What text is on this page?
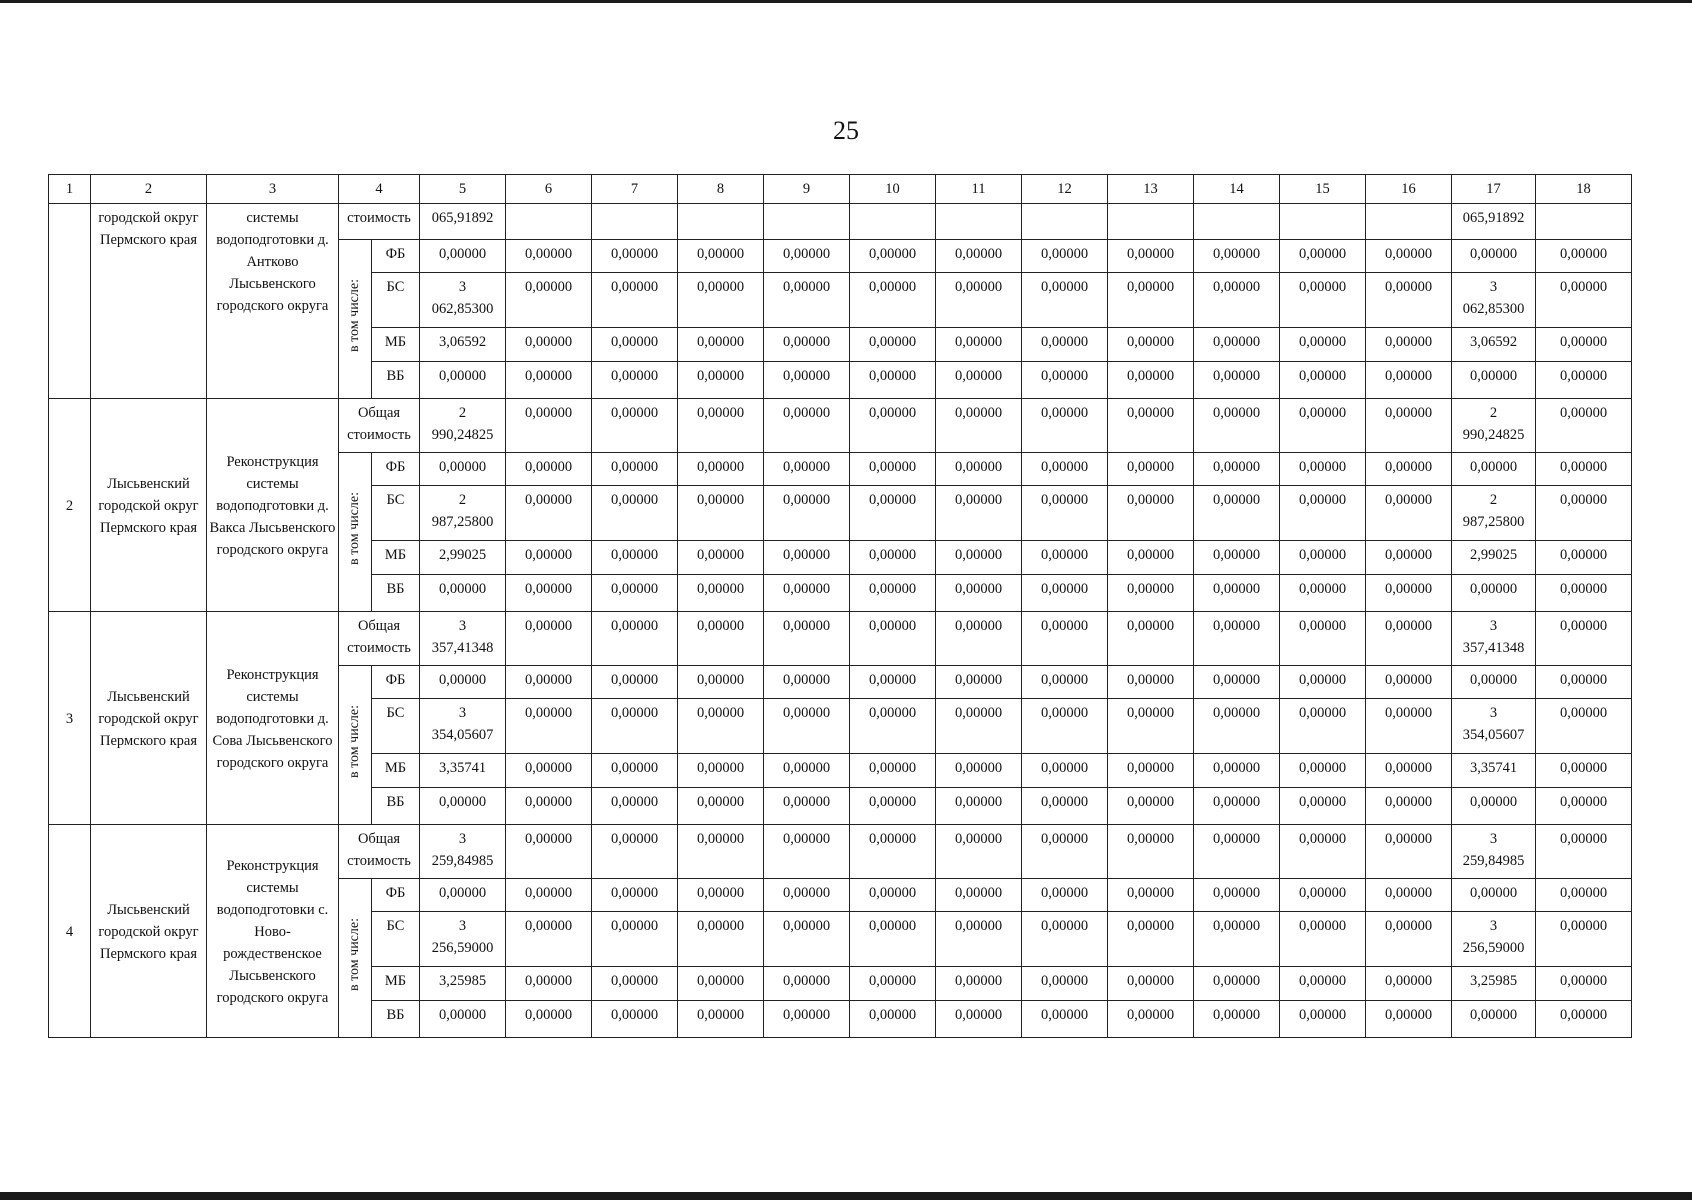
25
1	2	3	4		5	6	7	8	9	10	11	12	13	14	15	16	17	18
	городской округ Пермского края	системы водоподготовки д. Антково Лысьвенского городского округа	стоимость		065,91892												065,91892	
			в том числе:	ФБ	0,00000	0,00000	0,00000	0,00000	0,00000	0,00000	0,00000	0,00000	0,00000	0,00000	0,00000	0,00000	0,00000	0,00000
				БС	3
062,85300	0,00000	0,00000	0,00000	0,00000	0,00000	0,00000	0,00000	0,00000	0,00000	0,00000	0,00000	3
062,85300	0,00000
				МБ	3,06592	0,00000	0,00000	0,00000	0,00000	0,00000	0,00000	0,00000	0,00000	0,00000	0,00000	0,00000	3,06592	0,00000
				ВБ	0,00000	0,00000	0,00000	0,00000	0,00000	0,00000	0,00000	0,00000	0,00000	0,00000	0,00000	0,00000	0,00000	0,00000
2	Лысьвенский городской округ Пермского края	Реконструкция системы водоподготовки д. Вакса Лысьвенского городского округа	Общая
стоимость		2
990,24825	0,00000	0,00000	0,00000	0,00000	0,00000	0,00000	0,00000	0,00000	0,00000	0,00000	0,00000	2
990,24825	0,00000
			в том числе:	ФБ	0,00000	0,00000	0,00000	0,00000	0,00000	0,00000	0,00000	0,00000	0,00000	0,00000	0,00000	0,00000	0,00000	0,00000
				БС	2
987,25800	0,00000	0,00000	0,00000	0,00000	0,00000	0,00000	0,00000	0,00000	0,00000	0,00000	0,00000	2
987,25800	0,00000
				МБ	2,99025	0,00000	0,00000	0,00000	0,00000	0,00000	0,00000	0,00000	0,00000	0,00000	0,00000	0,00000	2,99025	0,00000
				ВБ	0,00000	0,00000	0,00000	0,00000	0,00000	0,00000	0,00000	0,00000	0,00000	0,00000	0,00000	0,00000	0,00000	0,00000
3	Лысьвенский городской округ Пермского края	Реконструкция системы водоподготовки д. Сова Лысьвенского городского округа	Общая
стоимость		3
357,41348	0,00000	0,00000	0,00000	0,00000	0,00000	0,00000	0,00000	0,00000	0,00000	0,00000	0,00000	3
357,41348	0,00000
			в том числе:	ФБ	0,00000	0,00000	0,00000	0,00000	0,00000	0,00000	0,00000	0,00000	0,00000	0,00000	0,00000	0,00000	0,00000	0,00000
				БС	3
354,05607	0,00000	0,00000	0,00000	0,00000	0,00000	0,00000	0,00000	0,00000	0,00000	0,00000	0,00000	3
354,05607	0,00000
				МБ	3,35741	0,00000	0,00000	0,00000	0,00000	0,00000	0,00000	0,00000	0,00000	0,00000	0,00000	0,00000	3,35741	0,00000
				ВБ	0,00000	0,00000	0,00000	0,00000	0,00000	0,00000	0,00000	0,00000	0,00000	0,00000	0,00000	0,00000	0,00000	0,00000
4	Лысьвенский городской округ Пермского края	Реконструкция системы водоподготовки с. Ново-рождественское Лысьвенского городского округа	Общая
стоимость		3
259,84985	0,00000	0,00000	0,00000	0,00000	0,00000	0,00000	0,00000	0,00000	0,00000	0,00000	0,00000	3
259,84985	0,00000
			в том числе:	ФБ	0,00000	0,00000	0,00000	0,00000	0,00000	0,00000	0,00000	0,00000	0,00000	0,00000	0,00000	0,00000	0,00000	0,00000
				БС	3
256,59000	0,00000	0,00000	0,00000	0,00000	0,00000	0,00000	0,00000	0,00000	0,00000	0,00000	0,00000	3
256,59000	0,00000
				МБ	3,25985	0,00000	0,00000	0,00000	0,00000	0,00000	0,00000	0,00000	0,00000	0,00000	0,00000	0,00000	3,25985	0,00000
				ВБ	0,00000	0,00000	0,00000	0,00000	0,00000	0,00000	0,00000	0,00000	0,00000	0,00000	0,00000	0,00000	0,00000	0,00000
